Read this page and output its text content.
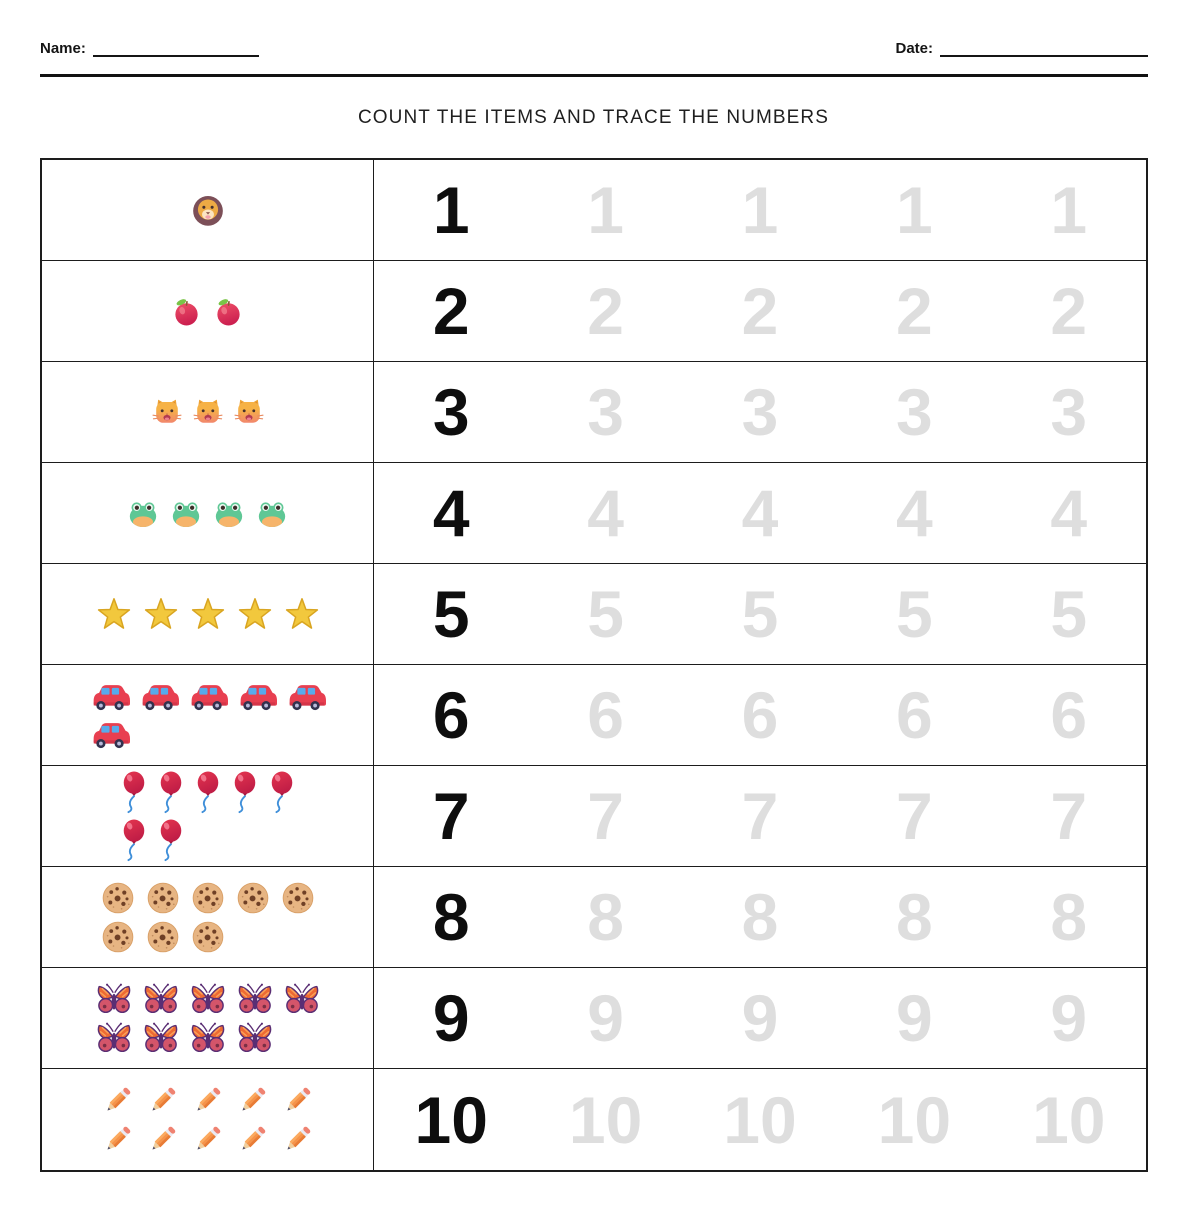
Name:	Date:
COUNT THE ITEMS AND TRACE THE NUMBERS
1	1	1	1	1
2	2	2	2	2
3	3	3	3	3
4	4	4	4	4
5	5	5	5	5
6	6	6	6	6
7	7	7	7	7
8	8	8	8	8
9	9	9	9	9
10	10	10	10	10
